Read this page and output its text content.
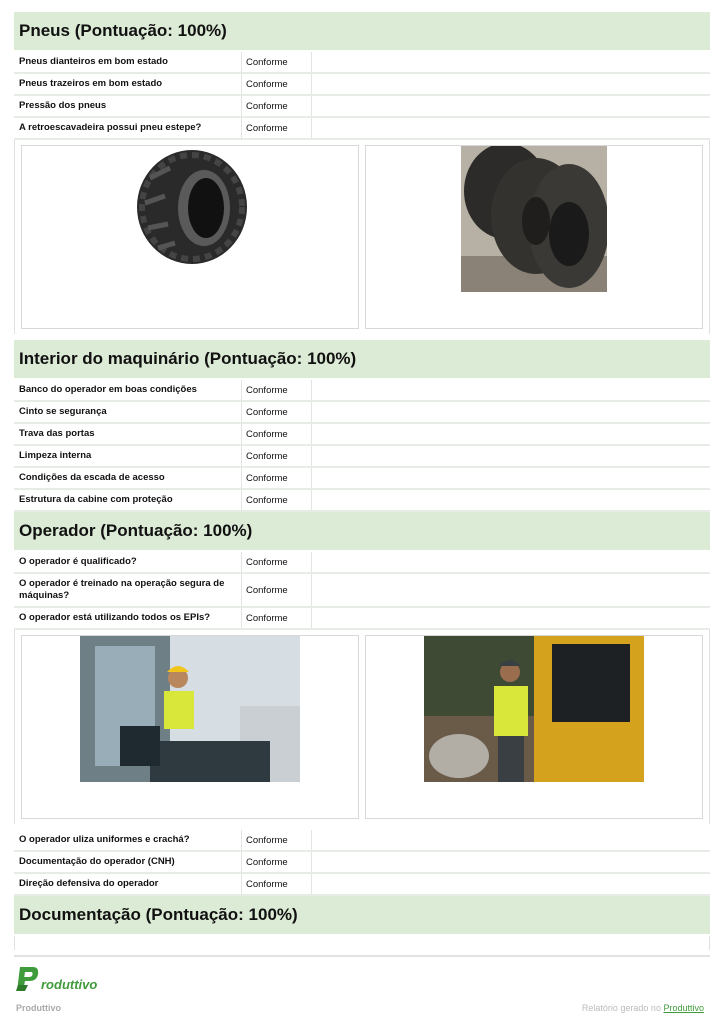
Pneus (Pontuação: 100%)
Pneus dianteiros em bom estado	Conforme
Pneus trazeiros em bom estado	Conforme
Pressão dos pneus	Conforme
A retroescavadeira possui pneu estepe?	Conforme
Interior do maquinário (Pontuação: 100%)
Banco do operador em boas condições	Conforme
Cinto se segurança	Conforme
Trava das portas	Conforme
Limpeza interna	Conforme
Condições da escada de acesso	Conforme
Estrutura da cabine com proteção	Conforme
Operador (Pontuação: 100%)
O operador é qualificado?	Conforme
O operador é treinado na operação segura de máquinas?	Conforme
O operador está utilizando todos os EPIs?	Conforme
O operador uliza uniformes e crachá?	Conforme
Documentação do operador (CNH)	Conforme
Direção defensiva do operador	Conforme
Documentação (Pontuação: 100%)
roduttivo
Produttivo	Relatório gerado no Produttivo
